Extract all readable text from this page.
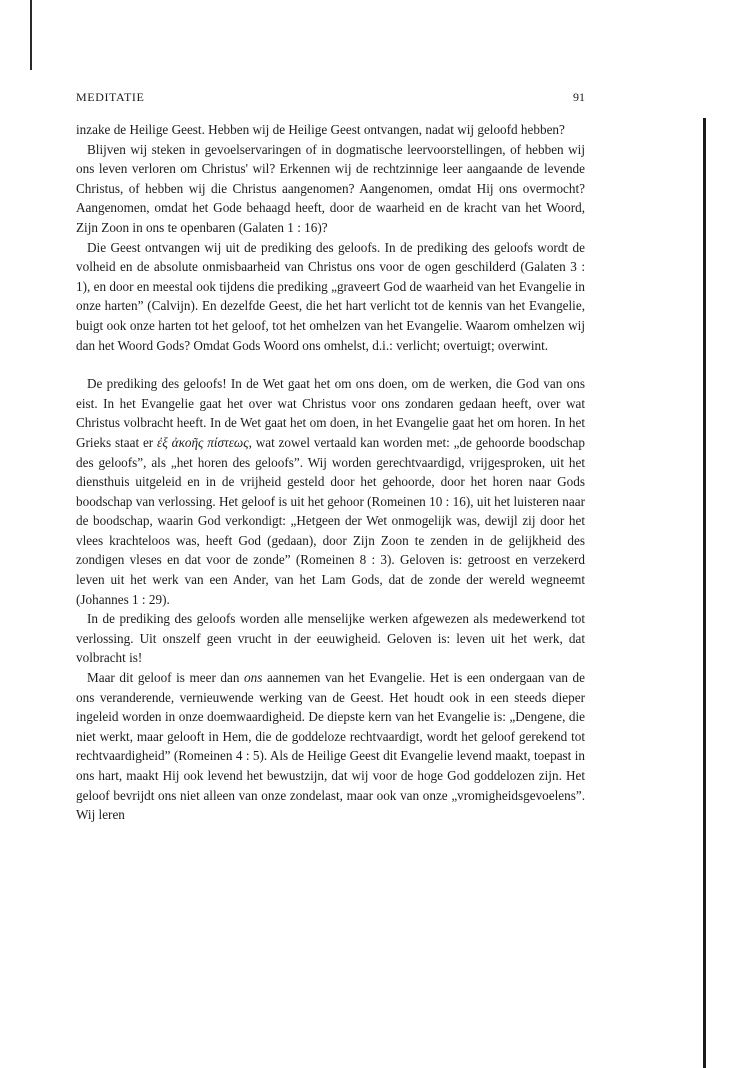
MEDITATIE	91

inzake de Heilige Geest. Hebben wij de Heilige Geest ontvangen, nadat wij geloofd hebben?

Blijven wij steken in gevoelservaringen of in dogmatische leervoorstellingen, of hebben wij ons leven verloren om Christus' wil? Erkennen wij de rechtzinnige leer aangaande de levende Christus, of hebben wij die Christus aangenomen? Aangenomen, omdat Hij ons overmocht? Aangenomen, omdat het Gode behaagd heeft, door de waarheid en de kracht van het Woord, Zijn Zoon in ons te openbaren (Galaten 1 : 16)?

Die Geest ontvangen wij uit de prediking des geloofs. In de prediking des geloofs wordt de volheid en de absolute onmisbaarheid van Christus ons voor de ogen geschilderd (Galaten 3 : 1), en door en meestal ook tijdens die prediking „graveert God de waarheid van het Evangelie in onze harten” (Calvijn). En dezelfde Geest, die het hart verlicht tot de kennis van het Evangelie, buigt ook onze harten tot het geloof, tot het omhelzen van het Evangelie. Waarom omhelzen wij dan het Woord Gods? Omdat Gods Woord ons omhelst, d.i.: verlicht; overtuigt; overwint.

De prediking des geloofs! In de Wet gaat het om ons doen, om de werken, die God van ons eist. In het Evangelie gaat het over wat Christus voor ons zondaren gedaan heeft, over wat Christus volbracht heeft. In de Wet gaat het om doen, in het Evangelie gaat het om horen. In het Grieks staat er ἐξ ἀκοῆς πίστεως, wat zowel vertaald kan worden met: „de gehoorde boodschap des geloofs”, als „het horen des geloofs”. Wij worden gerechtvaardigd, vrijgesproken, uit het diensthuis uitgeleid en in de vrijheid gesteld door het gehoorde, door het horen naar Gods boodschap van verlossing. Het geloof is uit het gehoor (Romeinen 10 : 16), uit het luisteren naar de boodschap, waarin God verkondigt: „Hetgeen der Wet onmogelijk was, dewijl zij door het vlees krachteloos was, heeft God (gedaan), door Zijn Zoon te zenden in de gelijkheid des zondigen vleses en dat voor de zonde” (Romeinen 8 : 3). Geloven is: getroost en verzekerd leven uit het werk van een Ander, van het Lam Gods, dat de zonde der wereld wegneemt (Johannes 1 : 29).

In de prediking des geloofs worden alle menselijke werken afgewezen als medewerkend tot verlossing. Uit onszelf geen vrucht in der eeuwigheid. Geloven is: leven uit het werk, dat volbracht is!

Maar dit geloof is meer dan ons aannemen van het Evangelie. Het is een ondergaan van de ons veranderende, vernieuwende werking van de Geest. Het houdt ook in een steeds dieper ingeleid worden in onze doemwaardigheid. De diepste kern van het Evangelie is: „Dengene, die niet werkt, maar gelooft in Hem, die de goddeloze rechtvaardigt, wordt het geloof gerekend tot rechtvaardigheid” (Romeinen 4 : 5). Als de Heilige Geest dit Evangelie levend maakt, toepast in ons hart, maakt Hij ook levend het bewustzijn, dat wij voor de hoge God goddelozen zijn. Het geloof bevrijdt ons niet alleen van onze zondelast, maar ook van onze „vromigheidsgevoelens”. Wij leren
